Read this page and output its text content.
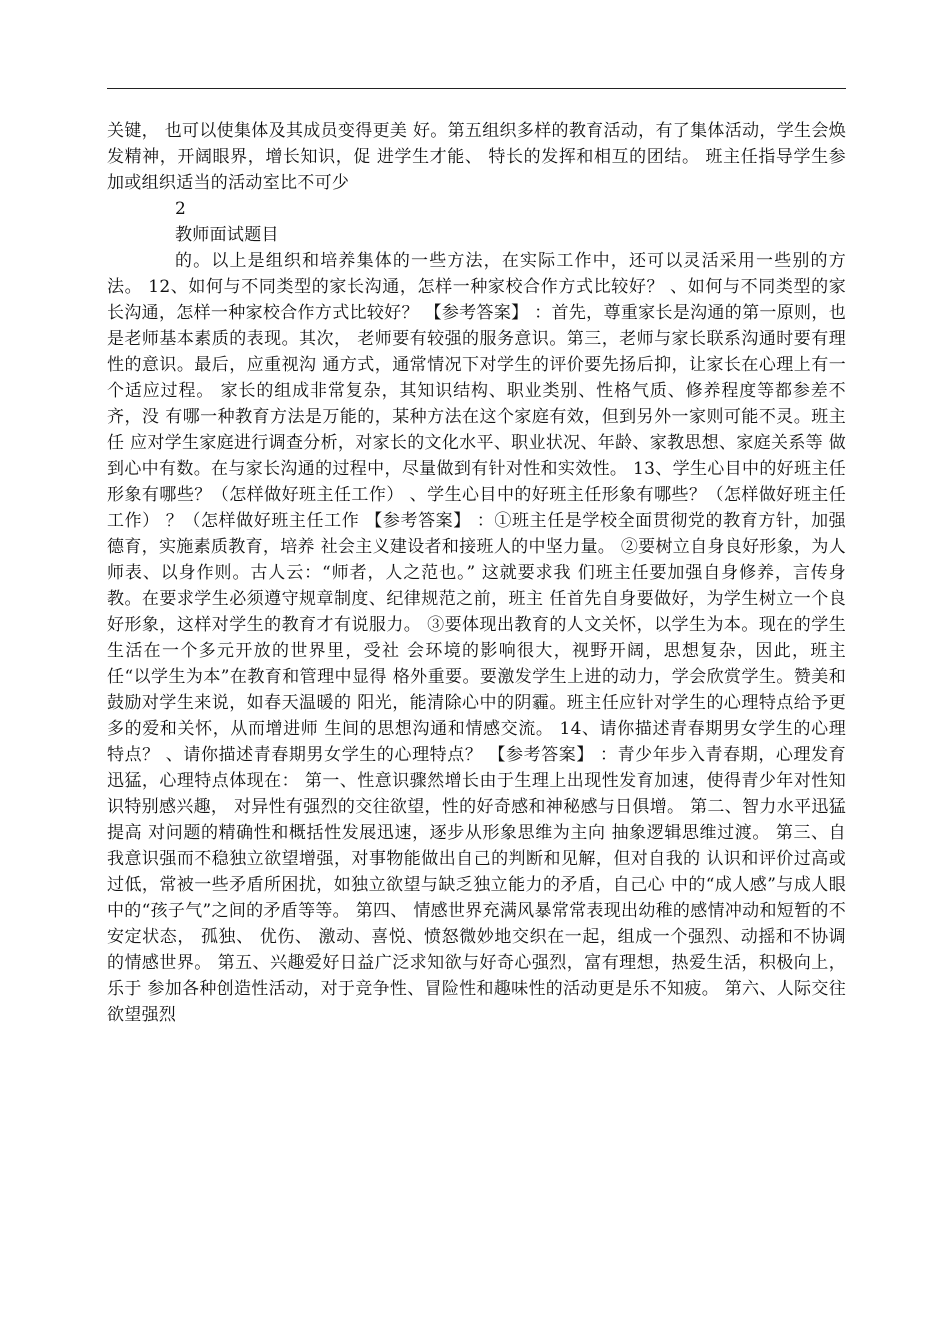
关键， 也可以使集体及其成员变得更美 好。第五组织多样的教育活动，有了集体活动，学生会焕发精神，开阔眼界，增长知识，促 进学生才能、 特长的发挥和相互的团结。 班主任指导学生参加或组织适当的活动室比不可少

2

教师面试题目

的。以上是组织和培养集体的一些方法，在实际工作中，还可以灵活采用一些别的方法。 12、如何与不同类型的家长沟通，怎样一种家校合作方式比较好？ 、如何与不同类型的家长沟通，怎样一种家校合作方式比较好？ 【参考答案】 ：首先，尊重家长是沟通的第一原则，也是老师基本素质的表现。其次， 老师要有较强的服务意识。第三，老师与家长联系沟通时要有理性的意识。最后，应重视沟 通方式，通常情况下对学生的评价要先扬后抑，让家长在心理上有一个适应过程。 家长的组成非常复杂，其知识结构、职业类别、性格气质、修养程度等都参差不齐，没 有哪一种教育方法是万能的，某种方法在这个家庭有效，但到另外一家则可能不灵。班主任 应对学生家庭进行调查分析，对家长的文化水平、职业状况、年龄、家教思想、家庭关系等 做到心中有数。在与家长沟通的过程中，尽量做到有针对性和实效性。 13、学生心目中的好班主任形象有哪些？（怎样做好班主任工作） 、学生心目中的好班主任形象有哪些？（怎样做好班主任工作） ？（怎样做好班主任工作 【参考答案】 ：①班主任是学校全面贯彻党的教育方针，加强德育，实施素质教育，培养 社会主义建设者和接班人的中坚力量。 ②要树立自身良好形象，为人师表、以身作则。古人云：“师者，人之范也。” 这就要求我 们班主任要加强自身修养，言传身教。在要求学生必须遵守规章制度、纪律规范之前，班主 任首先自身要做好，为学生树立一个良好形象，这样对学生的教育才有说服力。 ③要体现出教育的人文关怀，以学生为本。现在的学生生活在一个多元开放的世界里，受社 会环境的影响很大，视野开阔，思想复杂，因此，班主任“以学生为本”在教育和管理中显得 格外重要。要激发学生上进的动力，学会欣赏学生。赞美和鼓励对学生来说，如春天温暖的 阳光，能清除心中的阴霾。班主任应针对学生的心理特点给予更多的爱和关怀，从而增进师 生间的思想沟通和情感交流。 14、请你描述青春期男女学生的心理特点？ 、请你描述青春期男女学生的心理特点？ 【参考答案】 ：青少年步入青春期，心理发育迅猛，心理特点体现在： 第一、性意识骤然增长由于生理上出现性发育加速，使得青少年对性知识特别感兴趣， 对异性有强烈的交往欲望，性的好奇感和神秘感与日俱增。 第二、智力水平迅猛提高 对问题的精确性和概括性发展迅速，逐步从形象思维为主向 抽象逻辑思维过渡。 第三、自我意识强而不稳独立欲望增强，对事物能做出自己的判断和见解，但对自我的 认识和评价过高或过低，常被一些矛盾所困扰，如独立欲望与缺乏独立能力的矛盾，自己心 中的“成人感”与成人眼中的“孩子气”之间的矛盾等等。 第四、 情感世界充满风暴常常表现出幼稚的感情冲动和短暂的不安定状态， 孤独、 优伤、 激动、喜悦、愤怒微妙地交织在一起，组成一个强烈、动摇和不协调的情感世界。 第五、兴趣爱好日益广泛求知欲与好奇心强烈，富有理想，热爱生活，积极向上，乐于 参加各种创造性活动，对于竞争性、冒险性和趣味性的活动更是乐不知疲。 第六、人际交往欲望强烈
